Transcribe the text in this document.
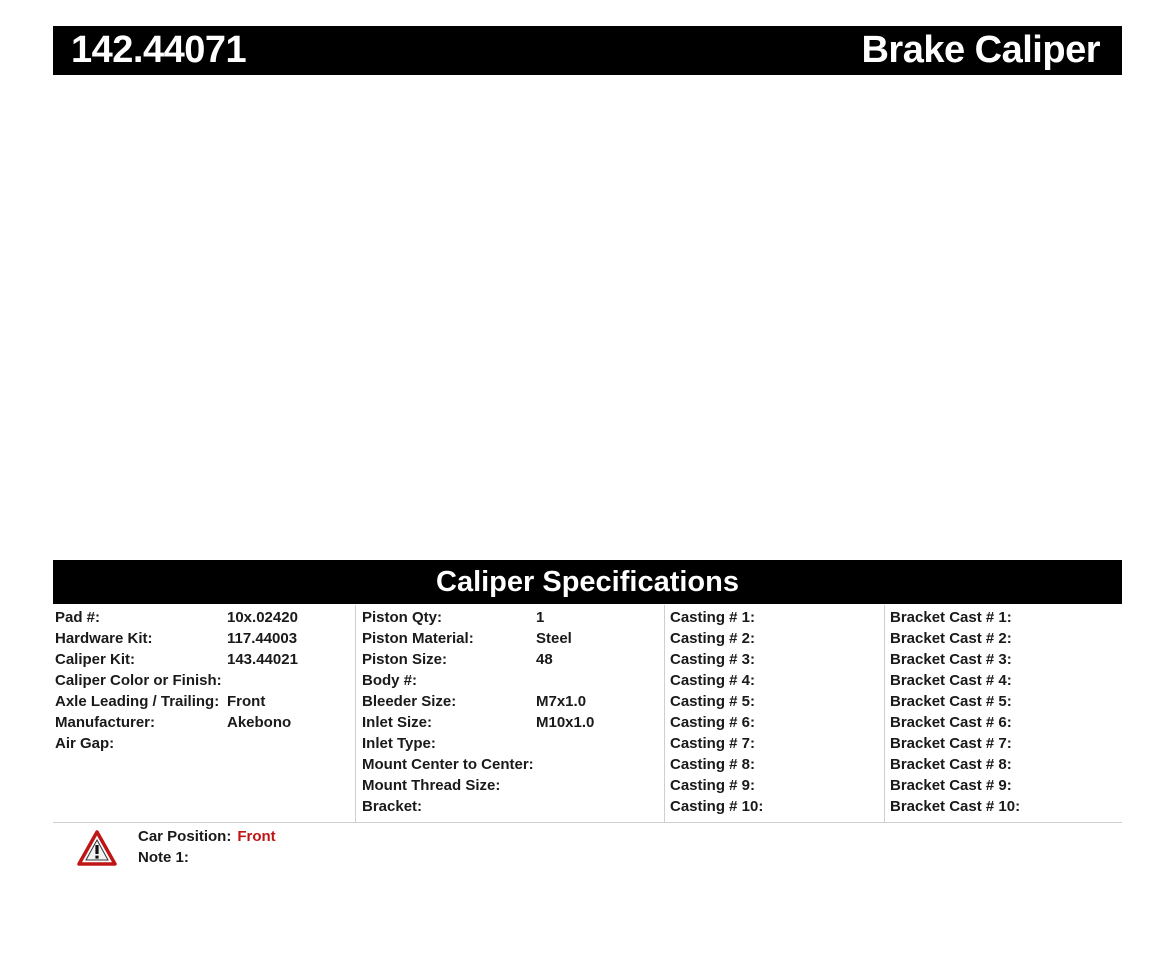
142.44071	Brake Caliper
Caliper Specifications
Pad #:	10x.02420
Hardware Kit:	117.44003
Caliper Kit:	143.44021
Caliper Color or Finish:
Axle Leading / Trailing: Front
Manufacturer:	Akebono
Air Gap:
Piston Qty:	1
Piston Material:	Steel
Piston Size:	48
Body #:
Bleeder Size:	M7x1.0
Inlet Size:	M10x1.0
Inlet Type:
Mount Center to Center:
Mount Thread Size:
Bracket:
Casting # 1:
Casting # 2:
Casting # 3:
Casting # 4:
Casting # 5:
Casting # 6:
Casting # 7:
Casting # 8:
Casting # 9:
Casting # 10:
Bracket Cast # 1:
Bracket Cast # 2:
Bracket Cast # 3:
Bracket Cast # 4:
Bracket Cast # 5:
Bracket Cast # 6:
Bracket Cast # 7:
Bracket Cast # 8:
Bracket Cast # 9:
Bracket Cast # 10:
Car Position: Front
Note 1:
